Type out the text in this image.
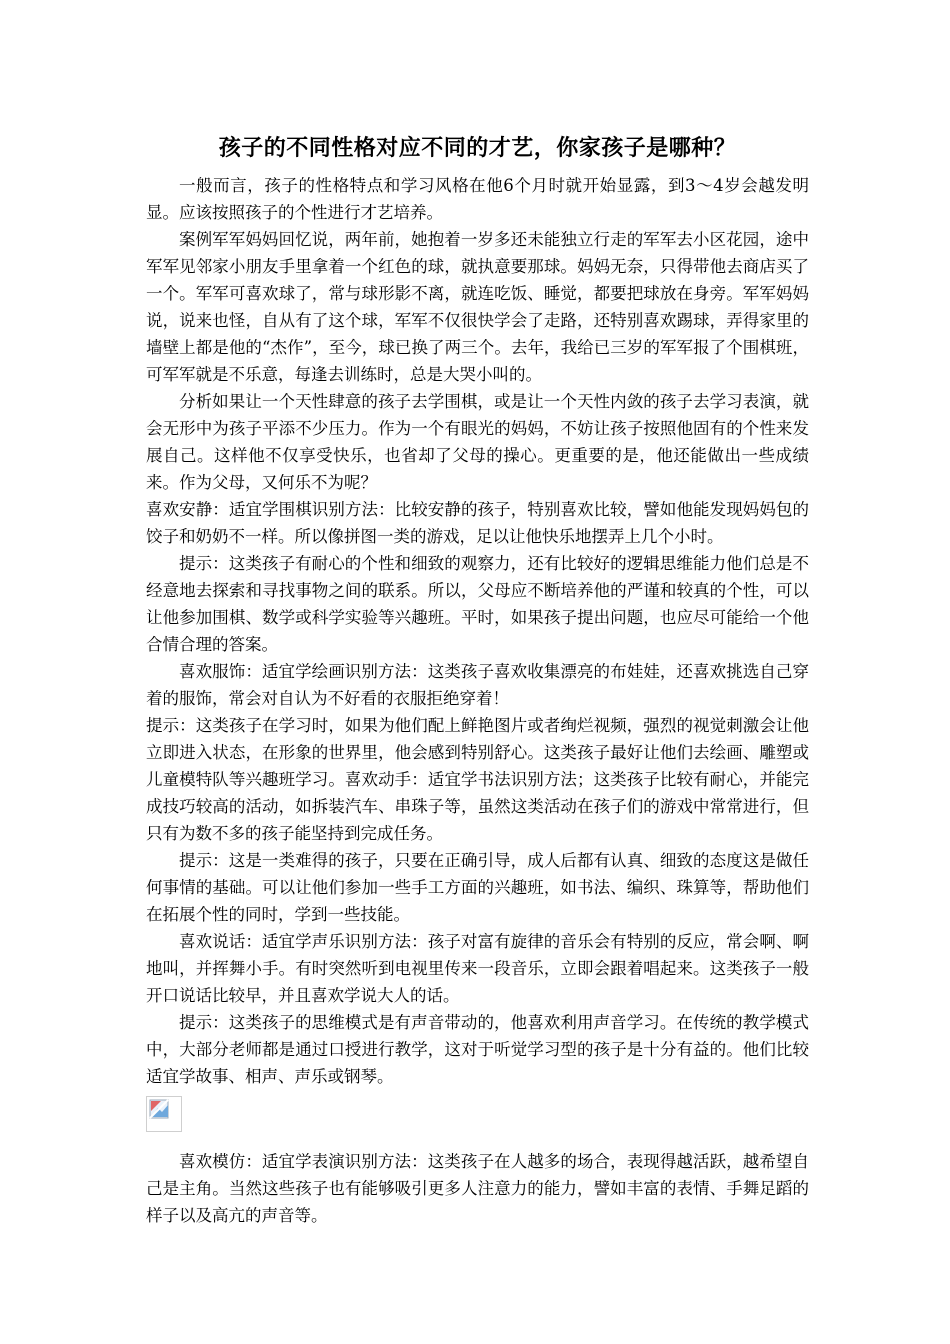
孩子的不同性格对应不同的才艺，你家孩子是哪种？

一般而言，孩子的性格特点和学习风格在他6个月时就开始显露，到3～4岁会越发明显。应该按照孩子的个性进行才艺培养。

案例军军妈妈回忆说，两年前，她抱着一岁多还未能独立行走的军军去小区花园，途中军军见邻家小朋友手里拿着一个红色的球，就执意要那球。妈妈无奈，只得带他去商店买了一个。军军可喜欢球了，常与球形影不离，就连吃饭、睡觉，都要把球放在身旁。军军妈妈说，说来也怪，自从有了这个球，军军不仅很快学会了走路，还特别喜欢踢球，弄得家里的墙壁上都是他的“杰作”，至今，球已换了两三个。去年，我给已三岁的军军报了个围棋班，可军军就是不乐意，每逢去训练时，总是大哭小叫的。

分析如果让一个天性肆意的孩子去学围棋，或是让一个天性内敛的孩子去学习表演，就会无形中为孩子平添不少压力。作为一个有眼光的妈妈，不妨让孩子按照他固有的个性来发展自己。这样他不仅享受快乐，也省却了父母的操心。更重要的是，他还能做出一些成绩来。作为父母，又何乐不为呢？

喜欢安静：适宜学围棋识别方法：比较安静的孩子，特别喜欢比较，譬如他能发现妈妈包的饺子和奶奶不一样。所以像拼图一类的游戏，足以让他快乐地摆弄上几个小时。

提示：这类孩子有耐心的个性和细致的观察力，还有比较好的逻辑思维能力他们总是不经意地去探索和寻找事物之间的联系。所以，父母应不断培养他的严谨和较真的个性，可以让他参加围棋、数学或科学实验等兴趣班。平时，如果孩子提出问题，也应尽可能给一个他合情合理的答案。

喜欢服饰：适宜学绘画识别方法：这类孩子喜欢收集漂亮的布娃娃，还喜欢挑选自己穿着的服饰，常会对自认为不好看的衣服拒绝穿着！

提示：这类孩子在学习时，如果为他们配上鲜艳图片或者绚烂视频，强烈的视觉刺激会让他立即进入状态，在形象的世界里，他会感到特别舒心。这类孩子最好让他们去绘画、雕塑或儿童模特队等兴趣班学习。喜欢动手：适宜学书法识别方法；这类孩子比较有耐心，并能完成技巧较高的活动，如拆装汽车、串珠子等，虽然这类活动在孩子们的游戏中常常进行，但只有为数不多的孩子能坚持到完成任务。

提示：这是一类难得的孩子，只要在正确引导，成人后都有认真、细致的态度这是做任何事情的基础。可以让他们参加一些手工方面的兴趣班，如书法、编织、珠算等，帮助他们在拓展个性的同时，学到一些技能。

喜欢说话：适宜学声乐识别方法：孩子对富有旋律的音乐会有特别的反应，常会啊、啊地叫，并挥舞小手。有时突然听到电视里传来一段音乐，立即会跟着唱起来。这类孩子一般开口说话比较早，并且喜欢学说大人的话。

提示：这类孩子的思维模式是有声音带动的，他喜欢利用声音学习。在传统的教学模式中，大部分老师都是通过口授进行教学，这对于听觉学习型的孩子是十分有益的。他们比较适宜学故事、相声、声乐或钢琴。

喜欢模仿：适宜学表演识别方法：这类孩子在人越多的场合，表现得越活跃，越希望自己是主角。当然这些孩子也有能够吸引更多人注意力的能力，譬如丰富的表情、手舞足蹈的样子以及高亢的声音等。
